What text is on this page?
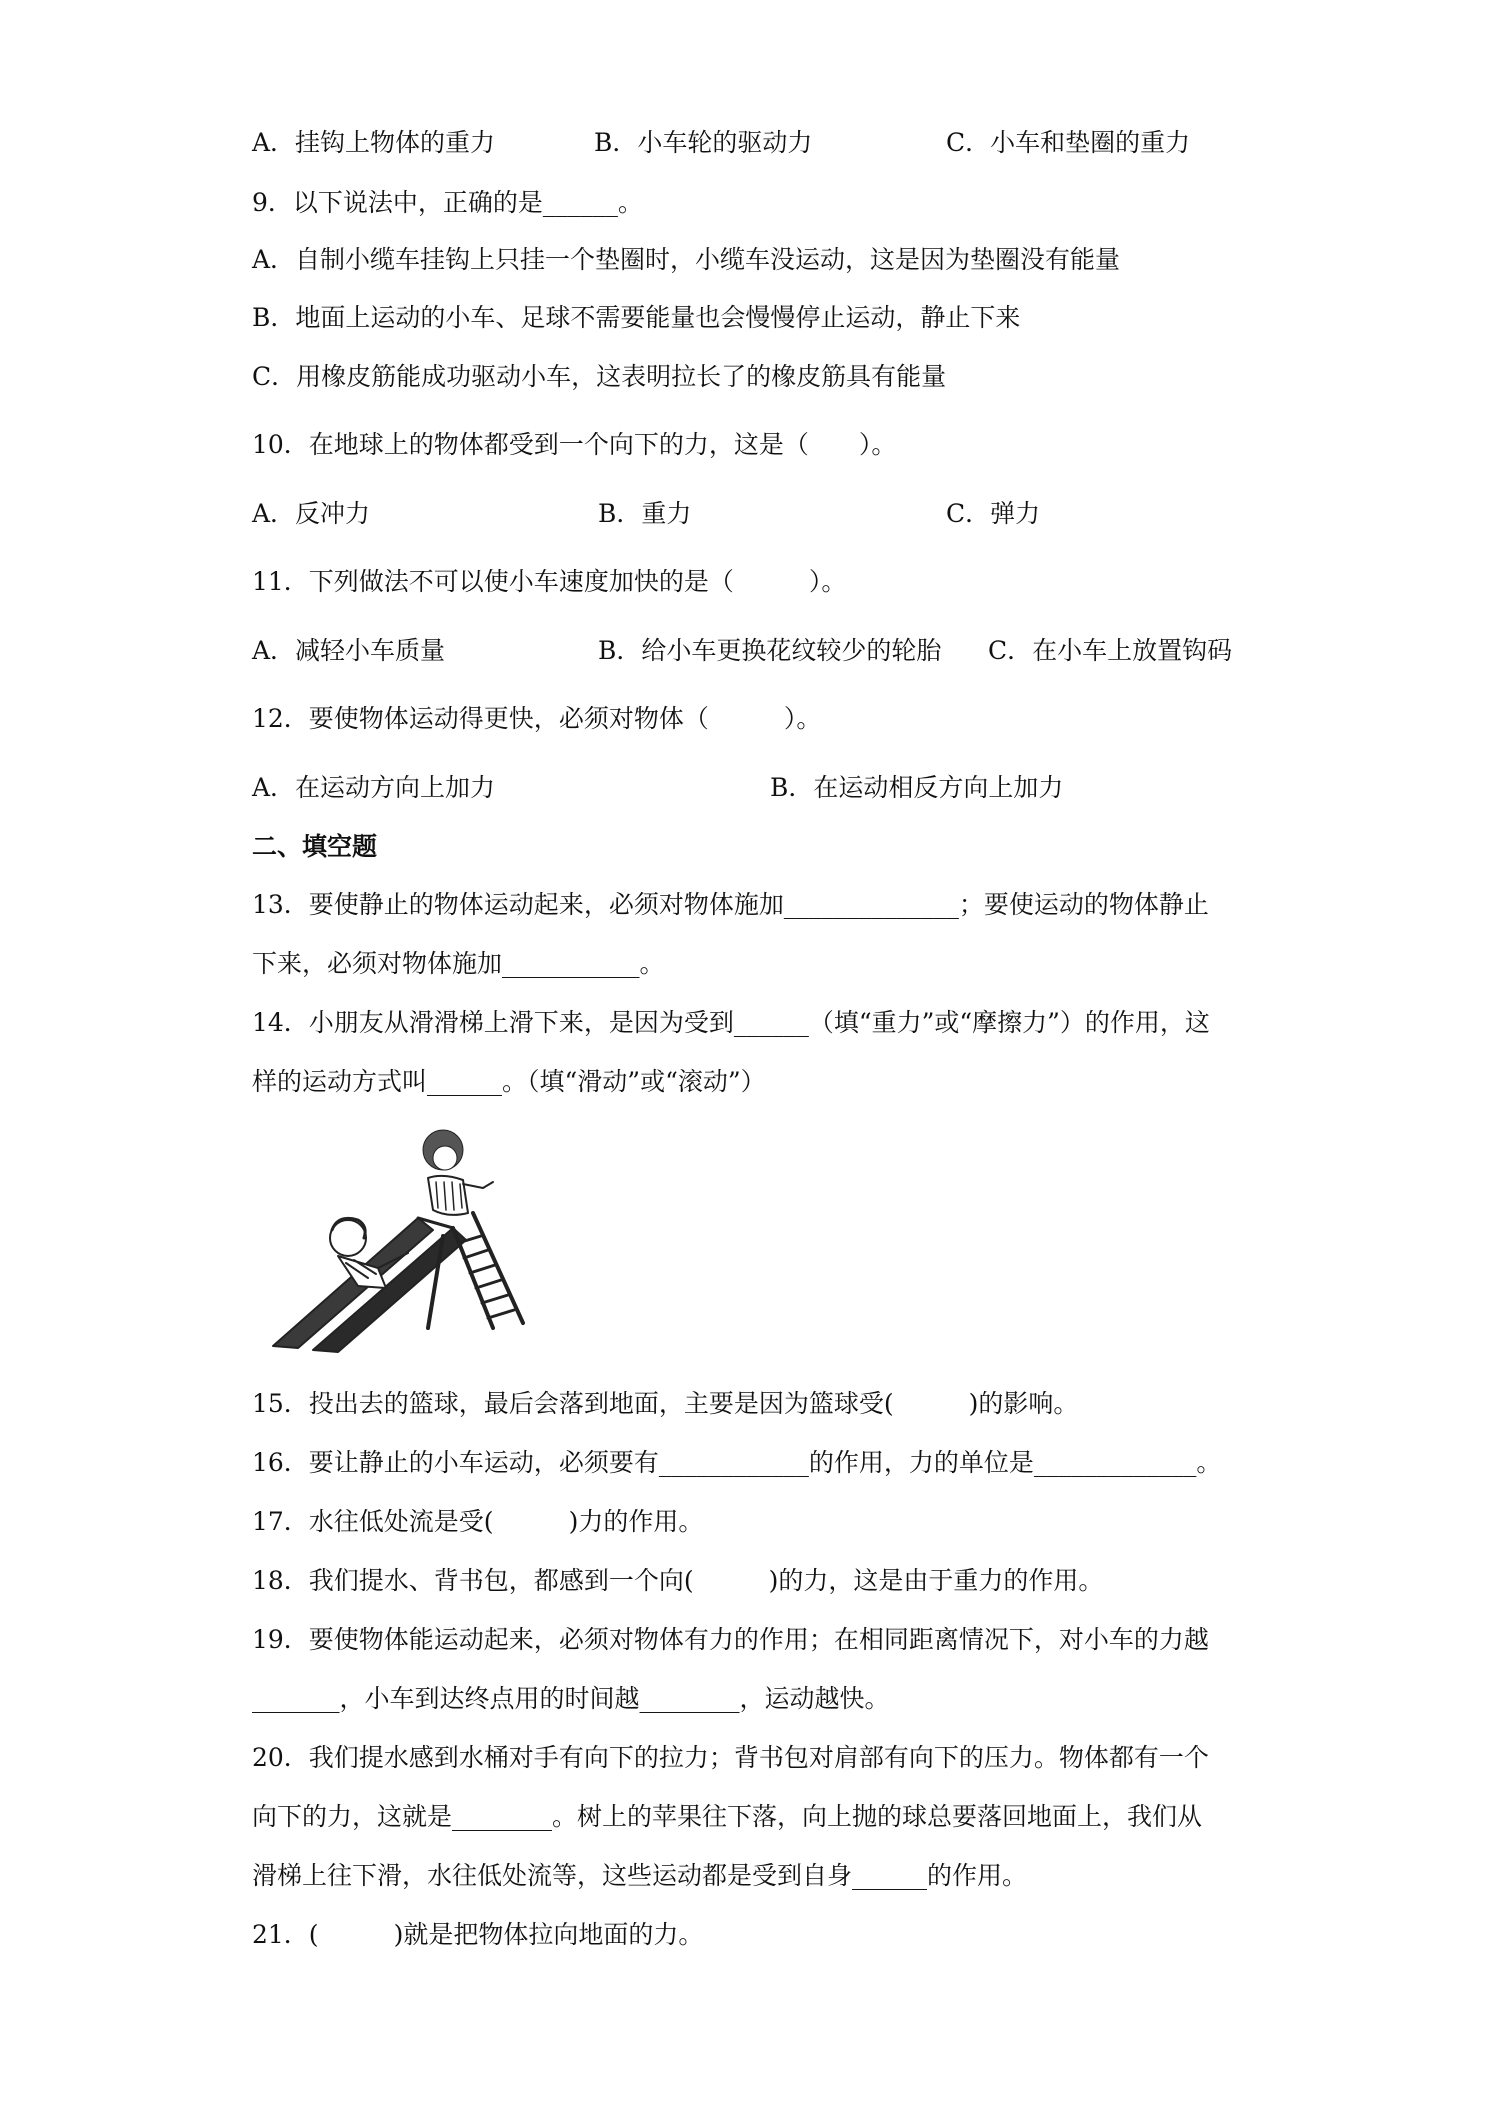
A．挂钩上物体的重力	B．小车轮的驱动力	C．小车和垫圈的重力
9．以下说法中，正确的是______。
A．自制小缆车挂钩上只挂一个垫圈时，小缆车没运动，这是因为垫圈没有能量
B．地面上运动的小车、足球不需要能量也会慢慢停止运动，静止下来
C．用橡皮筋能成功驱动小车，这表明拉长了的橡皮筋具有能量
10．在地球上的物体都受到一个向下的力，这是（　　）。
A．反冲力	B．重力	C．弹力
11．下列做法不可以使小车速度加快的是（　　　）。
A．减轻小车质量	B．给小车更换花纹较少的轮胎 C．在小车上放置钩码
12．要使物体运动得更快，必须对物体（　　　）。
A．在运动方向上加力	B．在运动相反方向上加力
二、填空题
13．要使静止的物体运动起来，必须对物体施加______________；要使运动的物体静止
下来，必须对物体施加___________。
14．小朋友从滑滑梯上滑下来，是因为受到______（填“重力”或“摩擦力”）的作用，这
样的运动方式叫______。（填“滑动”或“滚动”）
15．投出去的篮球，最后会落到地面，主要是因为篮球受(　　　)的影响。
16．要让静止的小车运动，必须要有____________的作用，力的单位是_____________。
17．水往低处流是受(　　　)力的作用。
18．我们提水、背书包，都感到一个向(　　　)的力，这是由于重力的作用。
19．要使物体能运动起来，必须对物体有力的作用；在相同距离情况下，对小车的力越
_______，小车到达终点用的时间越________，运动越快。
20．我们提水感到水桶对手有向下的拉力；背书包对肩部有向下的压力。物体都有一个
向下的力，这就是________。树上的苹果往下落，向上抛的球总要落回地面上，我们从
滑梯上往下滑，水往低处流等，这些运动都是受到自身______的作用。
21．(　　　)就是把物体拉向地面的力。
